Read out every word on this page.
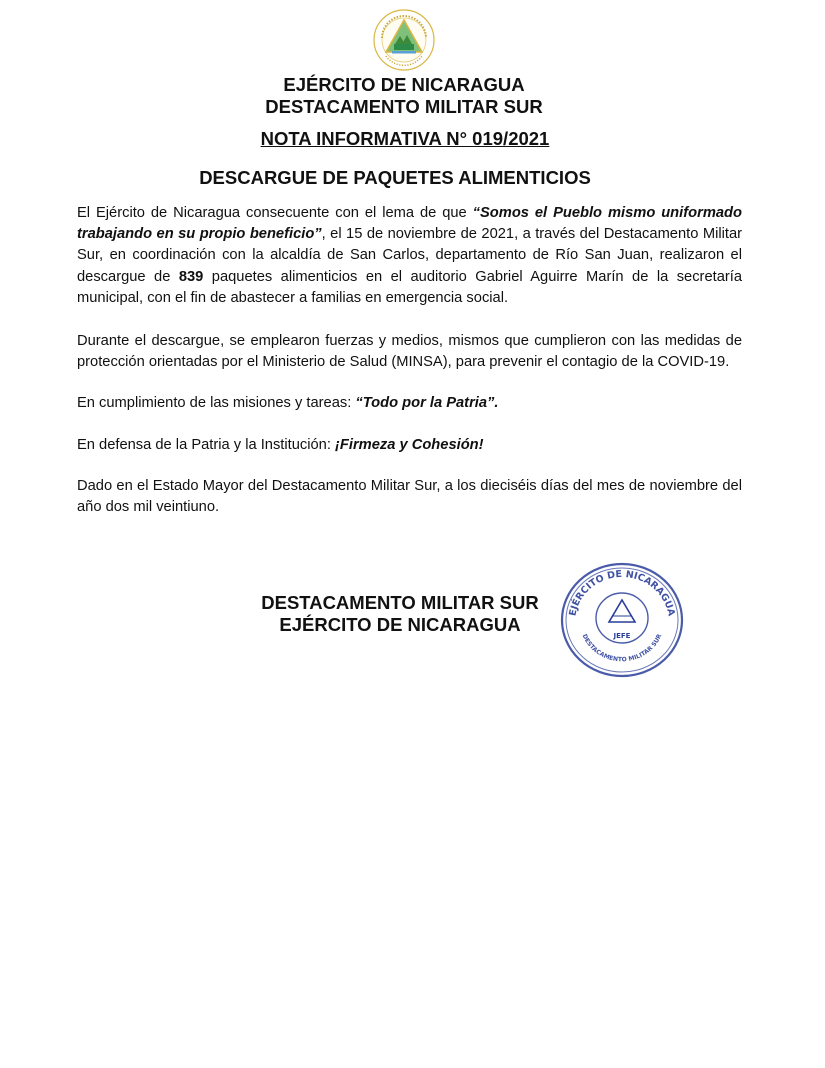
EJÉRCITO DE NICARAGUA
DESTACAMENTO MILITAR SUR
NOTA INFORMATIVA N° 019/2021
DESCARGUE DE PAQUETES ALIMENTICIOS

El Ejército de Nicaragua consecuente con el lema de que “Somos el Pueblo mismo uniformado trabajando en su propio beneficio”, el 15 de noviembre de 2021, a través del Destacamento Militar Sur, en coordinación con la alcaldía de San Carlos, departamento de Río San Juan, realizaron el descargue de 839 paquetes alimenticios en el auditorio Gabriel Aguirre Marín de la secretaría municipal, con el fin de abastecer a familias en emergencia social.

Durante el descargue, se emplearon fuerzas y medios, mismos que cumplieron con las medidas de protección orientadas por el Ministerio de Salud (MINSA), para prevenir el contagio de la COVID-19.

En cumplimiento de las misiones y tareas: “Todo por la Patria”.

En defensa de la Patria y la Institución: ¡Firmeza y Cohesión!

Dado en el Estado Mayor del Destacamento Militar Sur, a los dieciséis días del mes de noviembre del año dos mil veintiuno.

DESTACAMENTO MILITAR SUR
EJÉRCITO DE NICARAGUA
EJÉRCITO DE NICARAGUA
JEFE
DESTACAMENTO MILITAR SUR
